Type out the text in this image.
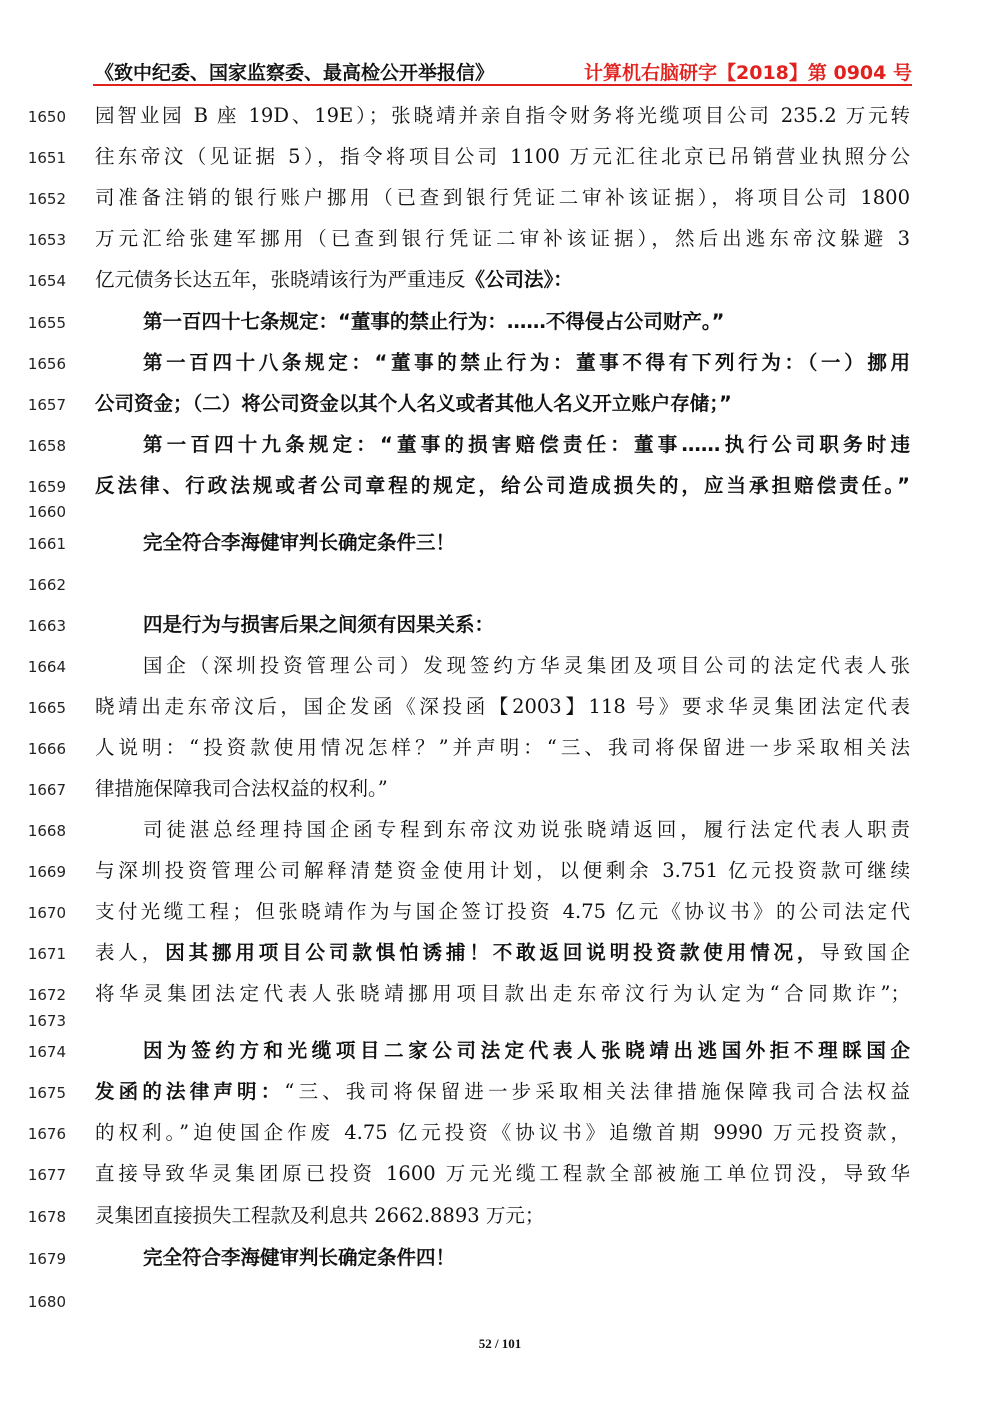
《致中纪委、国家监察委、最高检公开举报信》	计算机右脑研字【2018】第 0904 号
1650
1651
1652
1653
1654
1655
1656
1657
1658
1659
1660
1661
1662
1663
1664
1665
1666
1667
1668
1669
1670
1671
1672
1673
1674
1675
1676
1677
1678
1679
1680
园智业园 B 座 19D、19E）；张晓靖并亲自指令财务将光缆项目公司 235.2 万元转
往东帝汶（见证据 5），指令将项目公司 1100 万元汇往北京已吊销营业执照分公
司准备注销的银行账户挪用（已查到银行凭证二审补该证据），将项目公司 1800
万元汇给张建军挪用（已查到银行凭证二审补该证据），然后出逃东帝汶躲避 3
亿元债务长达五年，张晓靖该行为严重违反《公司法》：
第一百四十七条规定：“董事的禁止行为：……不得侵占公司财产。”
第一百四十八条规定：“董事的禁止行为：董事不得有下列行为：（一）挪用
公司资金；（二）将公司资金以其个人名义或者其他人名义开立账户存储；”
第一百四十九条规定：“董事的损害赔偿责任：董事……执行公司职务时违
反法律、行政法规或者公司章程的规定，给公司造成损失的，应当承担赔偿责任。”
完全符合李海健审判长确定条件三！
四是行为与损害后果之间须有因果关系：
国企（深圳投资管理公司）发现签约方华灵集团及项目公司的法定代表人张
晓靖出走东帝汶后，国企发函《深投函【2003】118 号》要求华灵集团法定代表
人说明：“投资款使用情况怎样？”并声明：“三、我司将保留进一步采取相关法
律措施保障我司合法权益的权利。”
司徒湛总经理持国企函专程到东帝汶劝说张晓靖返回，履行法定代表人职责
与深圳投资管理公司解释清楚资金使用计划，以便剩余 3.751 亿元投资款可继续
支付光缆工程；但张晓靖作为与国企签订投资 4.75 亿元《协议书》的公司法定代
表人，因其挪用项目公司款惧怕诱捕！不敢返回说明投资款使用情况，导致国企
将华灵集团法定代表人张晓靖挪用项目款出走东帝汶行为认定为“合同欺诈”；
因为签约方和光缆项目二家公司法定代表人张晓靖出逃国外拒不理睬国企
发函的法律声明：“三、我司将保留进一步采取相关法律措施保障我司合法权益
的权利。”迫使国企作废 4.75 亿元投资《协议书》追缴首期 9990 万元投资款，
直接导致华灵集团原已投资 1600 万元光缆工程款全部被施工单位罚没，导致华
灵集团直接损失工程款及利息共 2662.8893 万元；
完全符合李海健审判长确定条件四！
52 / 101
